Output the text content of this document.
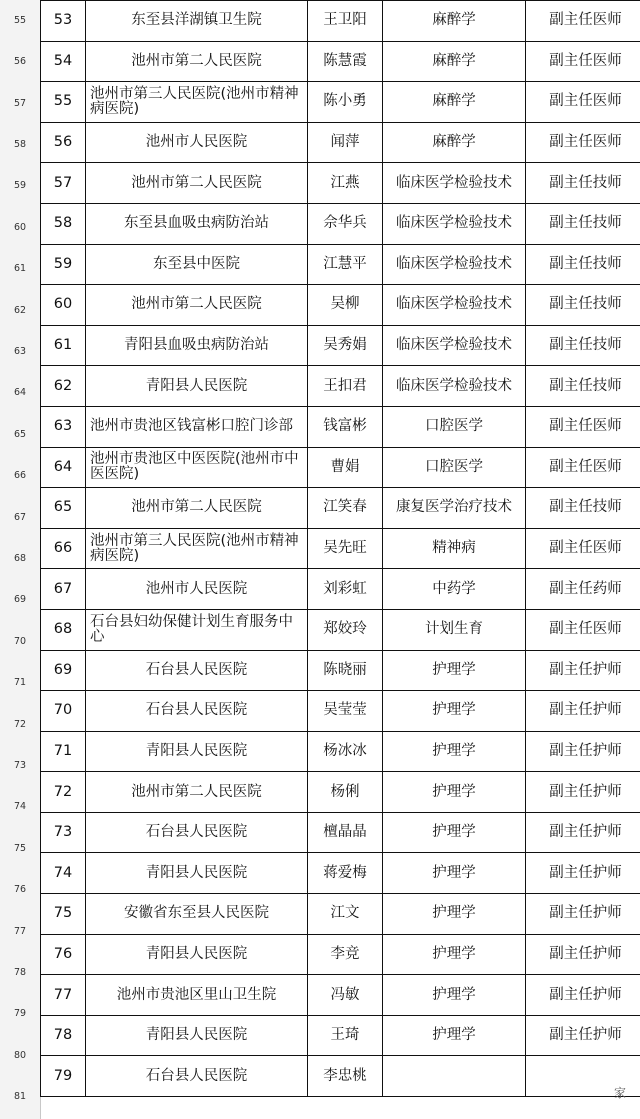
55
56
57
58
59
60
61
62
63
64
65
66
67
68
69
70
71
72
73
74
75
76
77
78
79
80
81
53	东至县洋湖镇卫生院	王卫阳	麻醉学	副主任医师
54	池州市第二人民医院	陈慧霞	麻醉学	副主任医师
55	池州市第三人民医院(池州市精神病医院)	陈小勇	麻醉学	副主任医师
56	池州市人民医院	闻萍	麻醉学	副主任医师
57	池州市第二人民医院	江燕	临床医学检验技术	副主任技师
58	东至县血吸虫病防治站	佘华兵	临床医学检验技术	副主任技师
59	东至县中医院	江慧平	临床医学检验技术	副主任技师
60	池州市第二人民医院	吴柳	临床医学检验技术	副主任技师
61	青阳县血吸虫病防治站	吴秀娟	临床医学检验技术	副主任技师
62	青阳县人民医院	王扣君	临床医学检验技术	副主任技师
63	池州市贵池区钱富彬口腔门诊部	钱富彬	口腔医学	副主任医师
64	池州市贵池区中医医院(池州市中医医院)	曹娟	口腔医学	副主任医师
65	池州市第二人民医院	江笑春	康复医学治疗技术	副主任技师
66	池州市第三人民医院(池州市精神病医院)	吴先旺	精神病	副主任医师
67	池州市人民医院	刘彩虹	中药学	副主任药师
68	石台县妇幼保健计划生育服务中心	郑姣玲	计划生育	副主任医师
69	石台县人民医院	陈晓丽	护理学	副主任护师
70	石台县人民医院	吴莹莹	护理学	副主任护师
71	青阳县人民医院	杨冰冰	护理学	副主任护师
72	池州市第二人民医院	杨俐	护理学	副主任护师
73	石台县人民医院	檀晶晶	护理学	副主任护师
74	青阳县人民医院	蒋爱梅	护理学	副主任护师
75	安徽省东至县人民医院	江文	护理学	副主任护师
76	青阳县人民医院	李竞	护理学	副主任护师
77	池州市贵池区里山卫生院	冯敏	护理学	副主任护师
78	青阳县人民医院	王琦	护理学	副主任护师
79	石台县人民医院	李忠桃		
家
